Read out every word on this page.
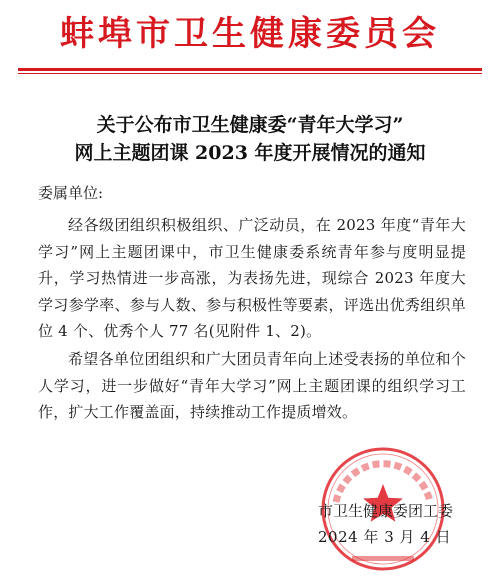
蚌埠市卫生健康委员会
关于公布市卫生健康委“青年大学习”
网上主题团课 2023 年度开展情况的通知
委属单位:
经各级团组织积极组织、广泛动员，在 2023 年度“青年大学习”网上主题团课中，市卫生健康委系统青年参与度明显提升，学习热情进一步高涨，为表扬先进，现综合 2023 年度大学习参学率、参与人数、参与积极性等要素，评选出优秀组织单位 4 个、优秀个人 77 名(见附件 1、2)。
希望各单位团组织和广大团员青年向上述受表扬的单位和个人学习，进一步做好“青年大学习”网上主题团课的组织学习工作，扩大工作覆盖面，持续推动工作提质增效。
市卫生健康委团工委
2024 年 3 月 4 日
